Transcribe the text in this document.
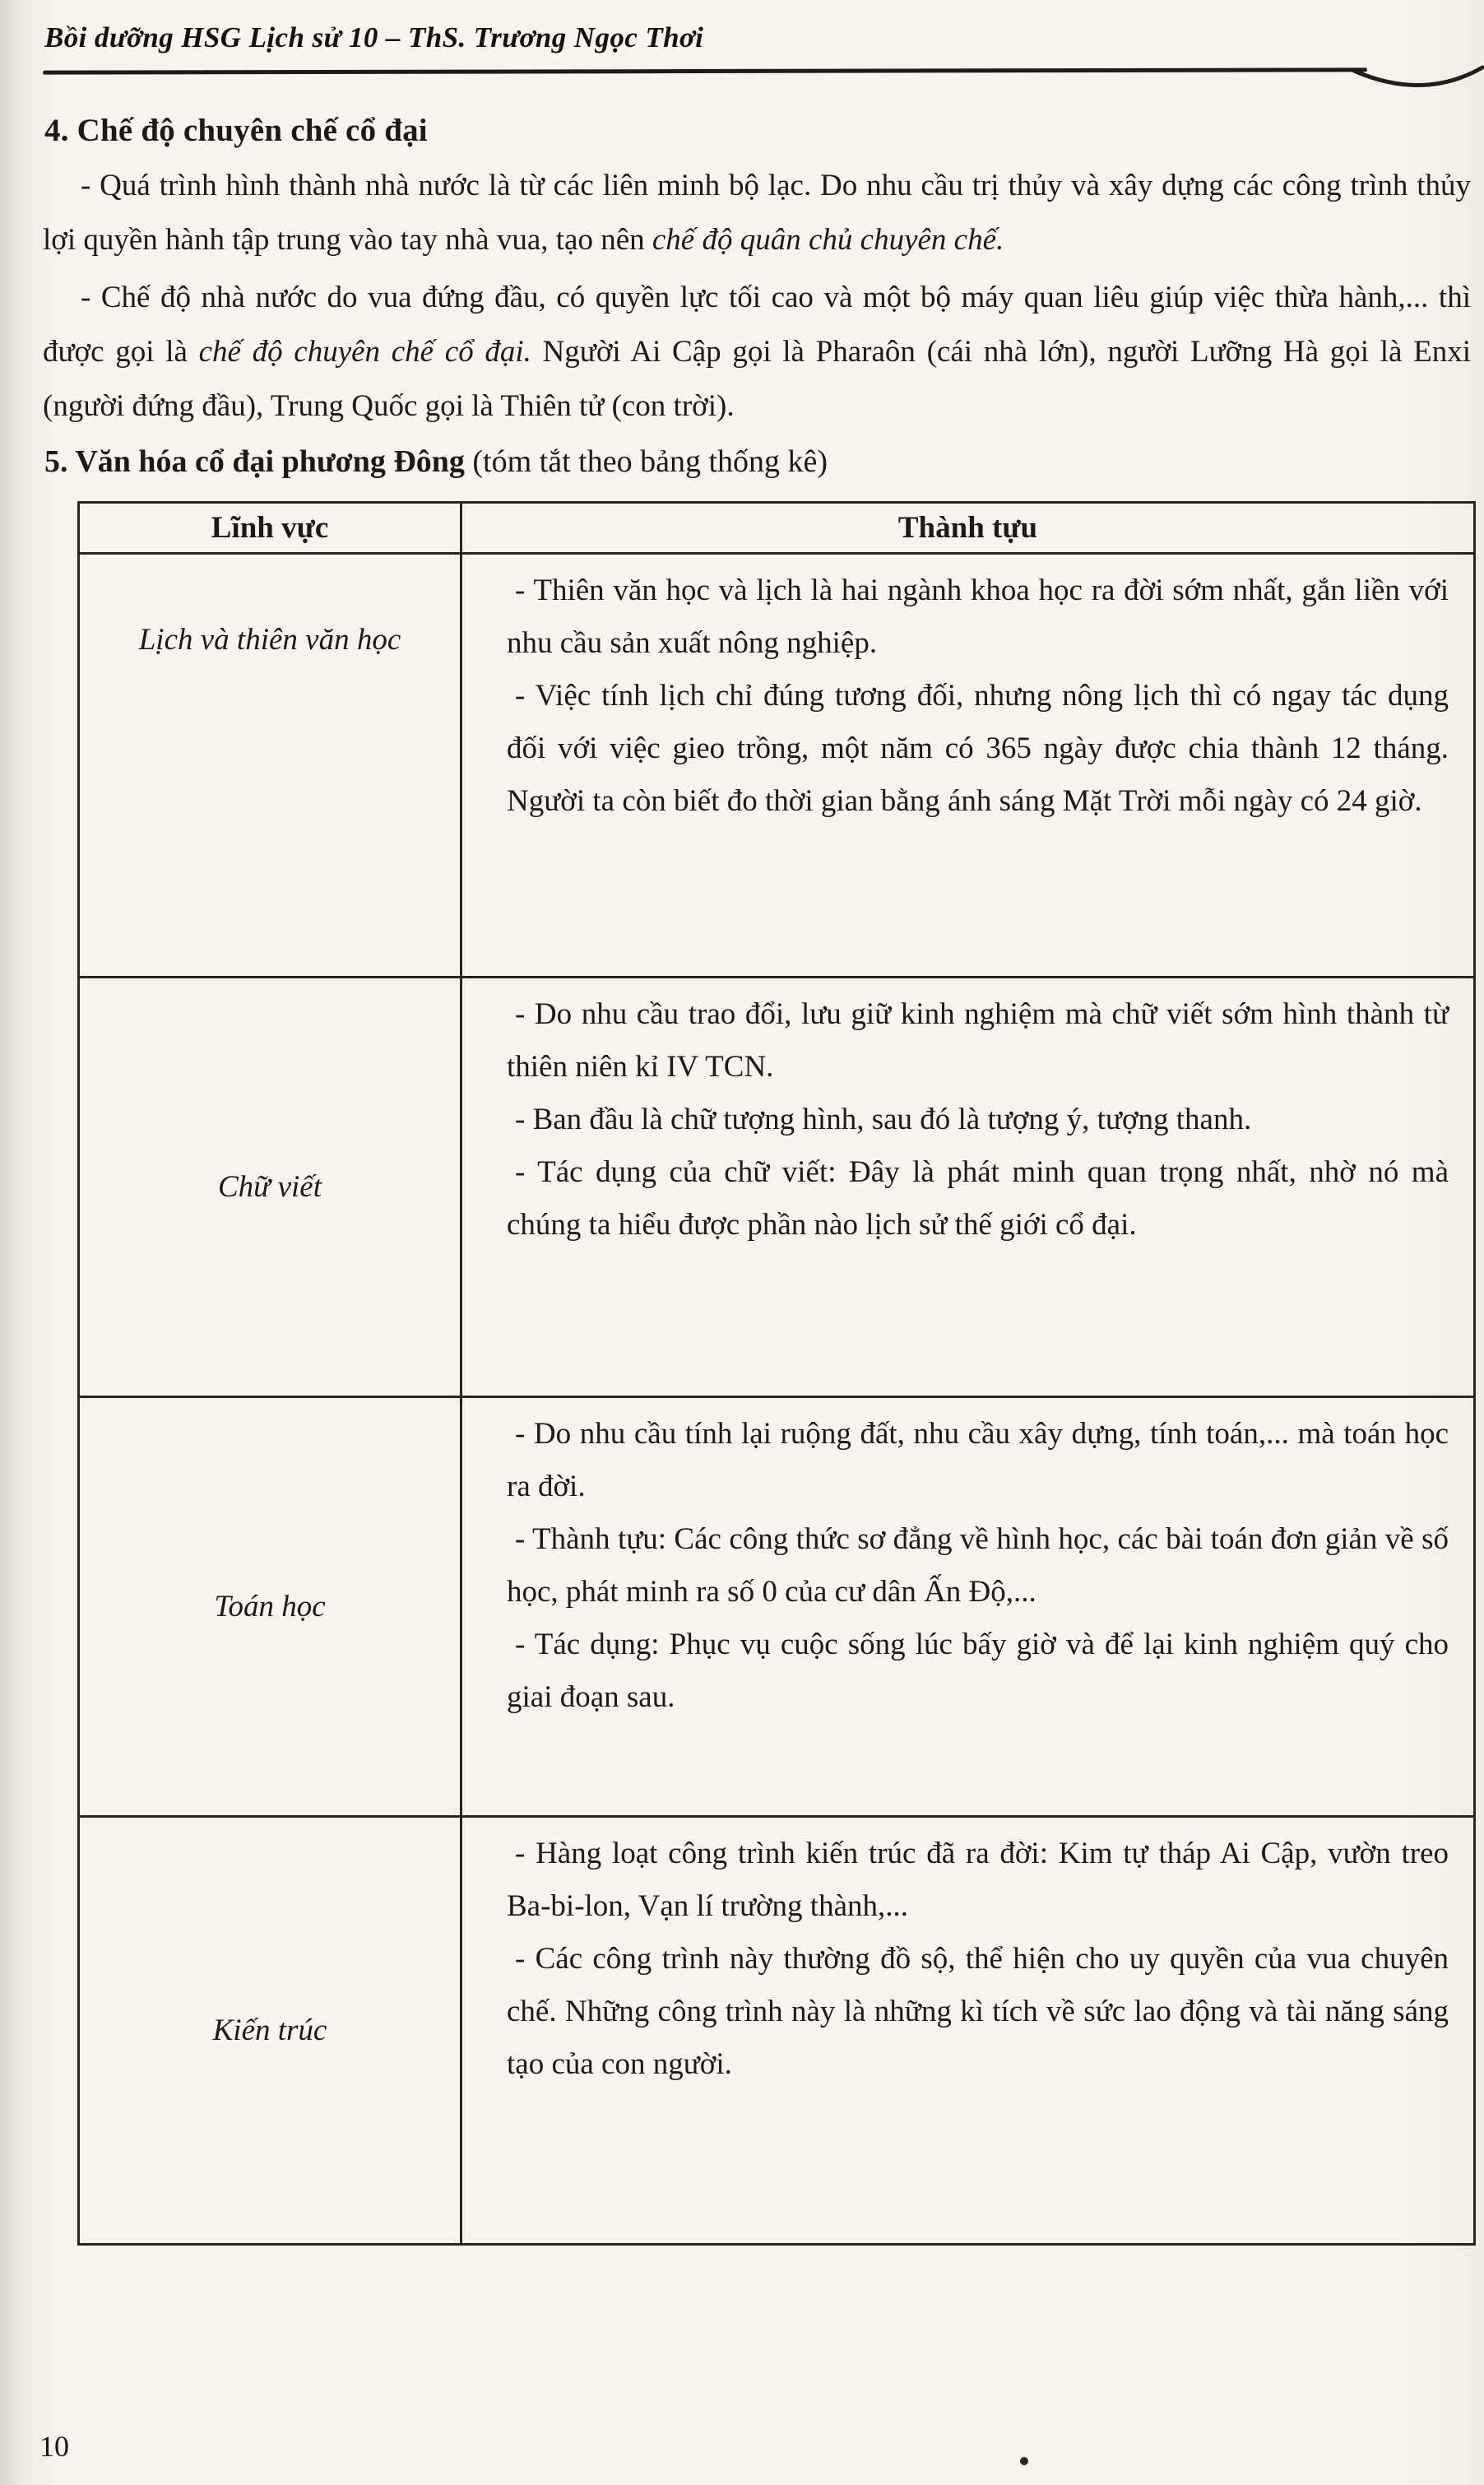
Bồi dưỡng HSG Lịch sử 10 – ThS. Trương Ngọc Thơi
4. Chế độ chuyên chế cổ đại

- Quá trình hình thành nhà nước là từ các liên minh bộ lạc. Do nhu cầu trị thủy và xây dựng các công trình thủy lợi quyền hành tập trung vào tay nhà vua, tạo nên chế độ quân chủ chuyên chế.

- Chế độ nhà nước do vua đứng đầu, có quyền lực tối cao và một bộ máy quan liêu giúp việc thừa hành,... thì được gọi là chế độ chuyên chế cổ đại. Người Ai Cập gọi là Pharaôn (cái nhà lớn), người Lưỡng Hà gọi là Enxi (người đứng đầu), Trung Quốc gọi là Thiên tử (con trời).

5. Văn hóa cổ đại phương Đông (tóm tắt theo bảng thống kê)
Lĩnh vực	Thành tựu
Lịch và thiên văn học	- Thiên văn học và lịch là hai ngành khoa học ra đời sớm nhất, gắn liền với nhu cầu sản xuất nông nghiệp.

- Việc tính lịch chỉ đúng tương đối, nhưng nông lịch thì có ngay tác dụng đối với việc gieo trồng, một năm có 365 ngày được chia thành 12 tháng. Người ta còn biết đo thời gian bằng ánh sáng Mặt Trời mỗi ngày có 24 giờ.

Chữ viết	- Do nhu cầu trao đổi, lưu giữ kinh nghiệm mà chữ viết sớm hình thành từ thiên niên kỉ IV TCN.

- Ban đầu là chữ tượng hình, sau đó là tượng ý, tượng thanh.

- Tác dụng của chữ viết: Đây là phát minh quan trọng nhất, nhờ nó mà chúng ta hiểu được phần nào lịch sử thế giới cổ đại.

Toán học	- Do nhu cầu tính lại ruộng đất, nhu cầu xây dựng, tính toán,... mà toán học ra đời.

- Thành tựu: Các công thức sơ đẳng về hình học, các bài toán đơn giản về số học, phát minh ra số 0 của cư dân Ấn Độ,...

- Tác dụng: Phục vụ cuộc sống lúc bấy giờ và để lại kinh nghiệm quý cho giai đoạn sau.

Kiến trúc	- Hàng loạt công trình kiến trúc đã ra đời: Kim tự tháp Ai Cập, vườn treo Ba-bi-lon, Vạn lí trường thành,...

- Các công trình này thường đồ sộ, thể hiện cho uy quyền của vua chuyên chế. Những công trình này là những kì tích về sức lao động và tài năng sáng tạo của con người.

10
